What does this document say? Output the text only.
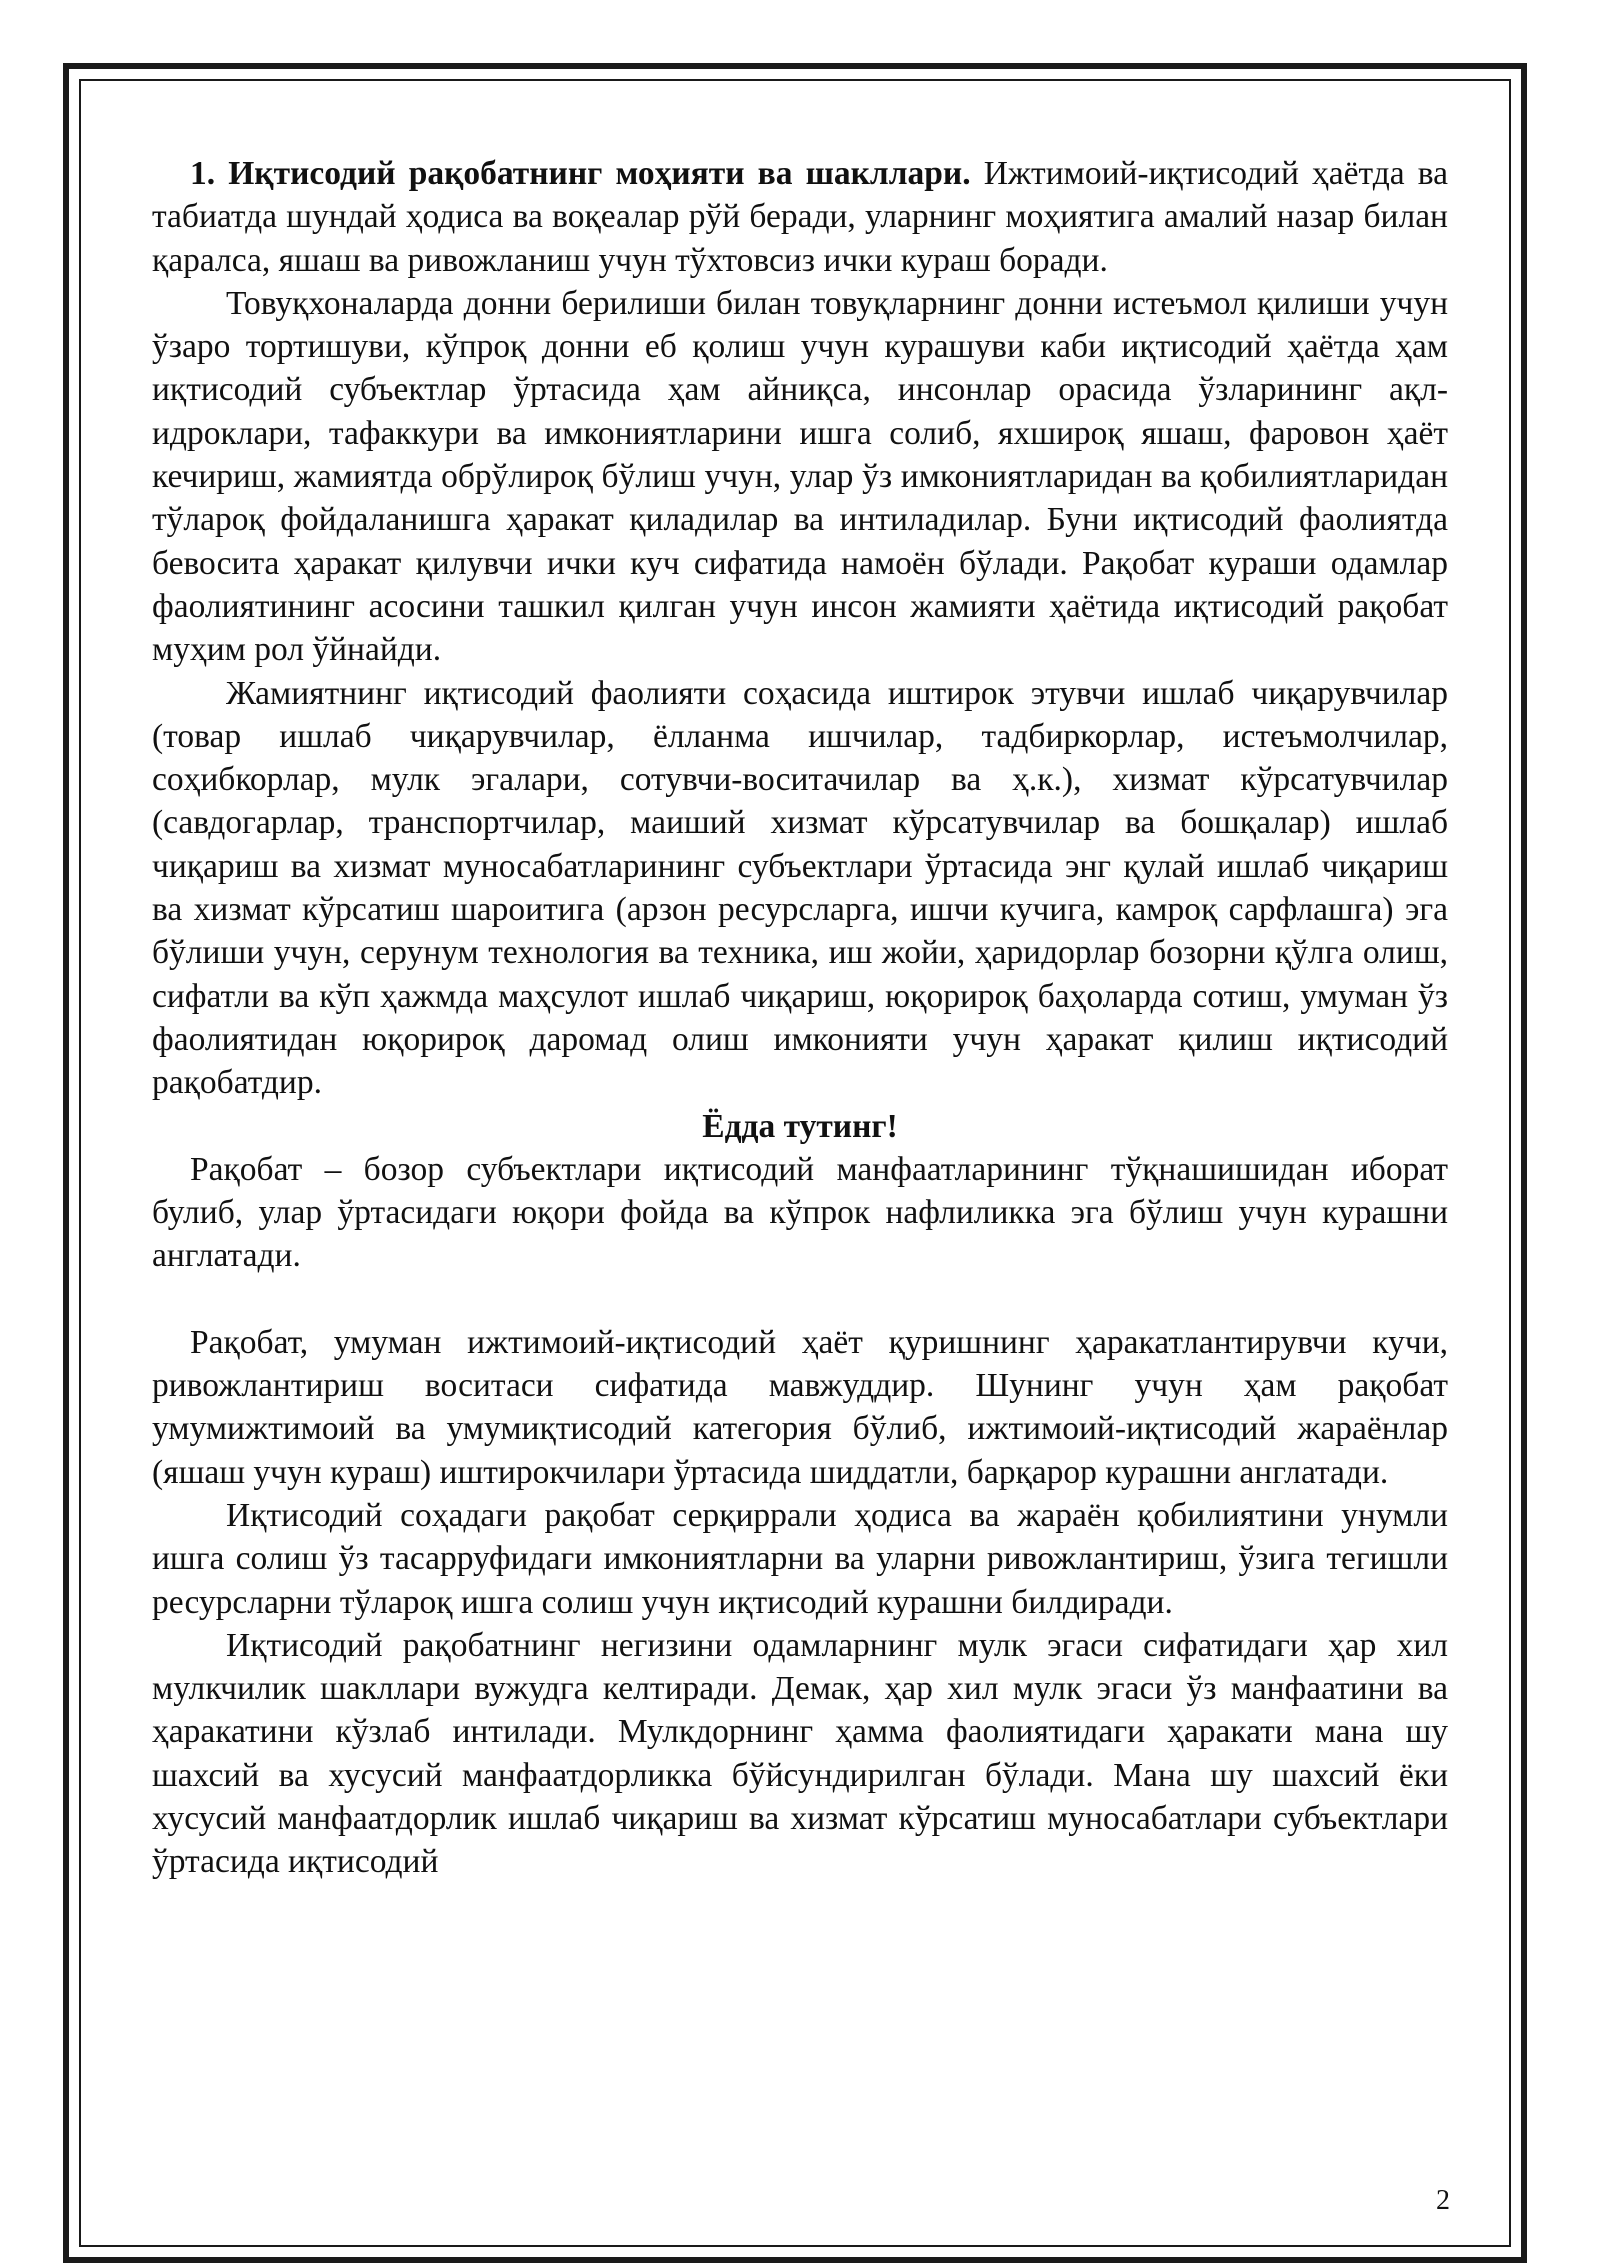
1. Иқтисодий рақобатнинг моҳияти ва шакллари. Ижтимоий-иқтисодий ҳаётда ва табиатда шундай ҳодиса ва воқеалар рўй беради, уларнинг моҳиятига амалий назар билан қаралса, яшаш ва ривожланиш учун тўхтовсиз ички кураш боради.

Товуқхоналарда донни берилиши билан товуқларнинг донни истеъмол қилиши учун ўзаро тортишуви, кўпроқ донни еб қолиш учун курашуви каби иқтисодий ҳаётда ҳам иқтисодий субъектлар ўртасида ҳам айниқса, инсонлар орасида ўзларининг ақл-идроклари, тафаккури ва имкониятларини ишга солиб, яхшироқ яшаш, фаровон ҳаёт кечириш, жамиятда обрўлироқ бўлиш учун, улар ўз имкониятларидан ва қобилиятларидан тўлароқ фойдаланишга ҳаракат қиладилар ва интиладилар. Буни иқтисодий фаолиятда бевосита ҳаракат қилувчи ички куч сифатида намоён бўлади. Рақобат кураши одамлар фаолиятининг асосини ташкил қилган учун инсон жамияти ҳаётида иқтисодий рақобат муҳим рол ўйнайди.

Жамиятнинг иқтисодий фаолияти соҳасида иштирок этувчи ишлаб чиқарувчилар (товар ишлаб чиқарувчилар, ёлланма ишчилар, тадбиркорлар, истеъмолчилар, соҳибкорлар, мулк эгалари, сотувчи-воситачилар ва ҳ.к.), хизмат кўрсатувчилар (савдогарлар, транспортчилар, маиший хизмат кўрсатувчилар ва бошқалар) ишлаб чиқариш ва хизмат муносабатларининг субъектлари ўртасида энг қулай ишлаб чиқариш ва хизмат кўрсатиш шароитига (арзон ресурсларга, ишчи кучига, камроқ сарфлашга) эга бўлиши учун, серунум технология ва техника, иш жойи, ҳаридорлар бозорни қўлга олиш, сифатли ва кўп ҳажмда маҳсулот ишлаб чиқариш, юқорироқ баҳоларда сотиш, умуман ўз фаолиятидан юқорироқ даромад олиш имконияти учун ҳаракат қилиш иқтисодий рақобатдир.

Ёдда тутинг!

Рақобат – бозор субъектлари иқтисодий манфаатларининг тўқнашишидан иборат булиб, улар ўртасидаги юқори фойда ва кўпрок нафлиликка эга бўлиш учун курашни англатади.

Рақобат, умуман ижтимоий-иқтисодий ҳаёт қуришнинг ҳаракатлантирувчи кучи, ривожлантириш воситаси сифатида мавжуддир. Шунинг учун ҳам рақобат умумижтимоий ва умумиқтисодий категория бўлиб, ижтимоий-иқтисодий жараёнлар (яшаш учун кураш) иштирокчилари ўртасида шиддатли, барқарор курашни англатади.

Иқтисодий соҳадаги рақобат серқиррали ҳодиса ва жараён қобилиятини унумли ишга солиш ўз тасарруфидаги имкониятларни ва уларни ривожлантириш, ўзига тегишли ресурсларни тўлароқ ишга солиш учун иқтисодий курашни билдиради.

Иқтисодий рақобатнинг негизини одамларнинг мулк эгаси сифатидаги ҳар хил мулкчилик шакллари вужудга келтиради. Демак, ҳар хил мулк эгаси ўз манфаатини ва ҳаракатини кўзлаб интилади. Мулкдорнинг ҳамма фаолиятидаги ҳаракати мана шу шахсий ва хусусий манфаатдорликка бўйсундирилган бўлади. Мана шу шахсий ёки хусусий манфаатдорлик ишлаб чиқариш ва хизмат кўрсатиш муносабатлари субъектлари ўртасида иқтисодий

2
